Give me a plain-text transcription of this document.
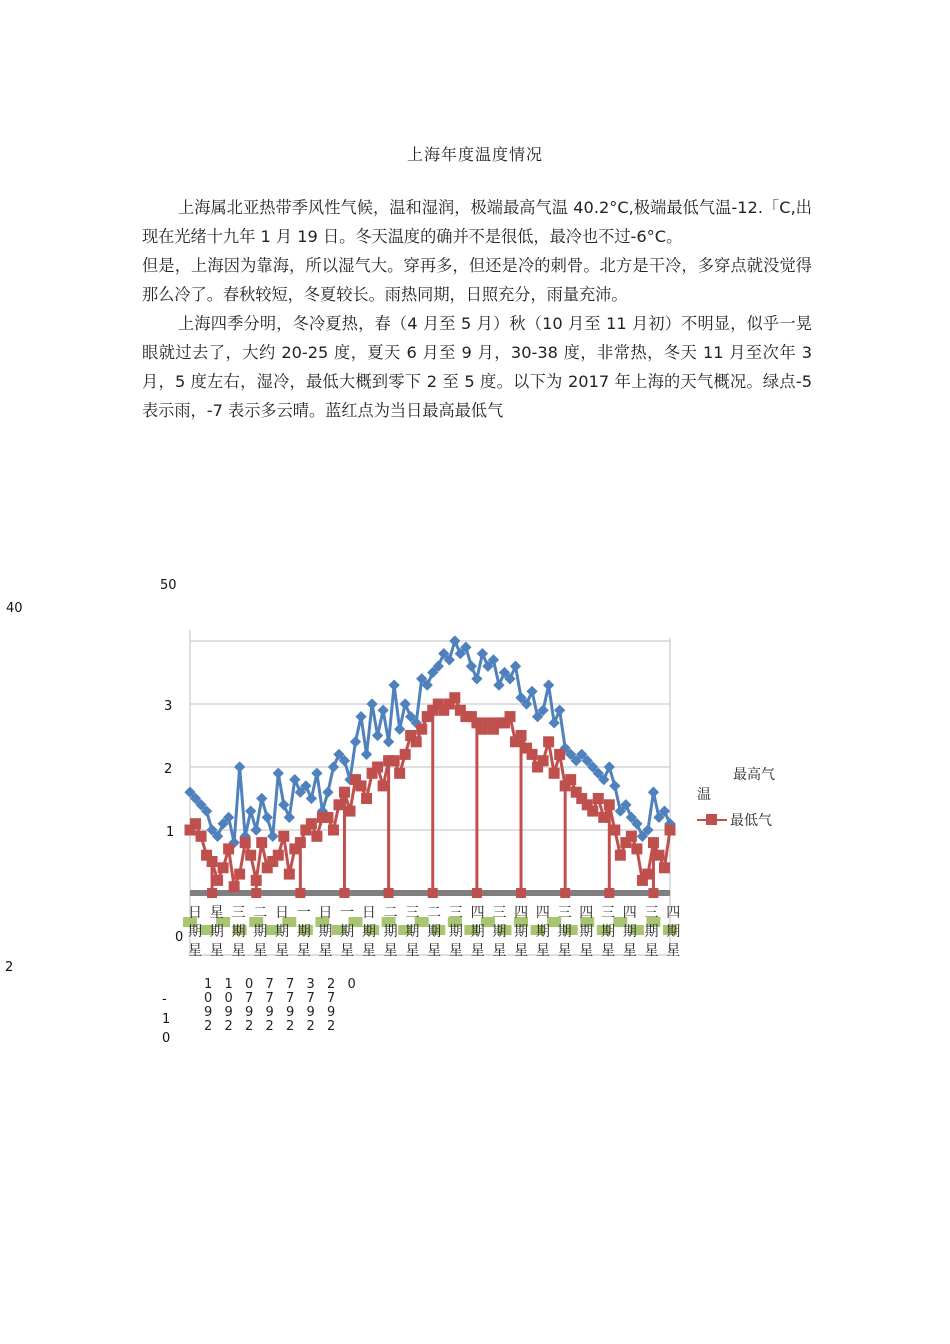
上海年度温度情况

上海属北亚热带季风性气候，温和湿润，极端最高气温 40.2°C,极端最低气温-12.「C,出现在光绪十九年 1 月 19 日。冬天温度的确并不是很低，最冷也不过-6°C。

但是，上海因为靠海，所以湿气大。穿再多，但还是冷的刺骨。北方是干冷，多穿点就没觉得那么冷了。春秋较短，冬夏较长。雨热同期，日照充分，雨量充沛。

上海四季分明，冬冷夏热，春（4 月至 5 月）秋（10 月至 11 月初）不明显，似乎一晃眼就过去了，大约 20-25 度，夏天 6 月至 9 月，30-38 度，非常热，冬天 11 月至次年 3 月，5 度左右，湿冷，最低大概到零下 2 至 5 度。以下为 2017 年上海的天气概况。绿点-5 表示雨，-7 表示多云晴。蓝红点为当日最高最低气

50
40
3
2
1
0
2
-
1
0
日 星 三 二 日 一 日 一 日 二 三 二 三 四 三 四 四 三 四 三 四 三 四
期 期 期 期 期 期 期 期 期 期 期 期 期 期 期 期 期 期 期 期 期 期 期
星 星 星 星 星 星 星 星 星 星 星 星 星 星 星 星 星 星 星 星 星 星 星
1
0
9
2
1
0
9
2
0
7
9
2
7
7
9
2
7
7
9
2
3
7
9
2
2
7
9
2
0
最高气
温
最低气
